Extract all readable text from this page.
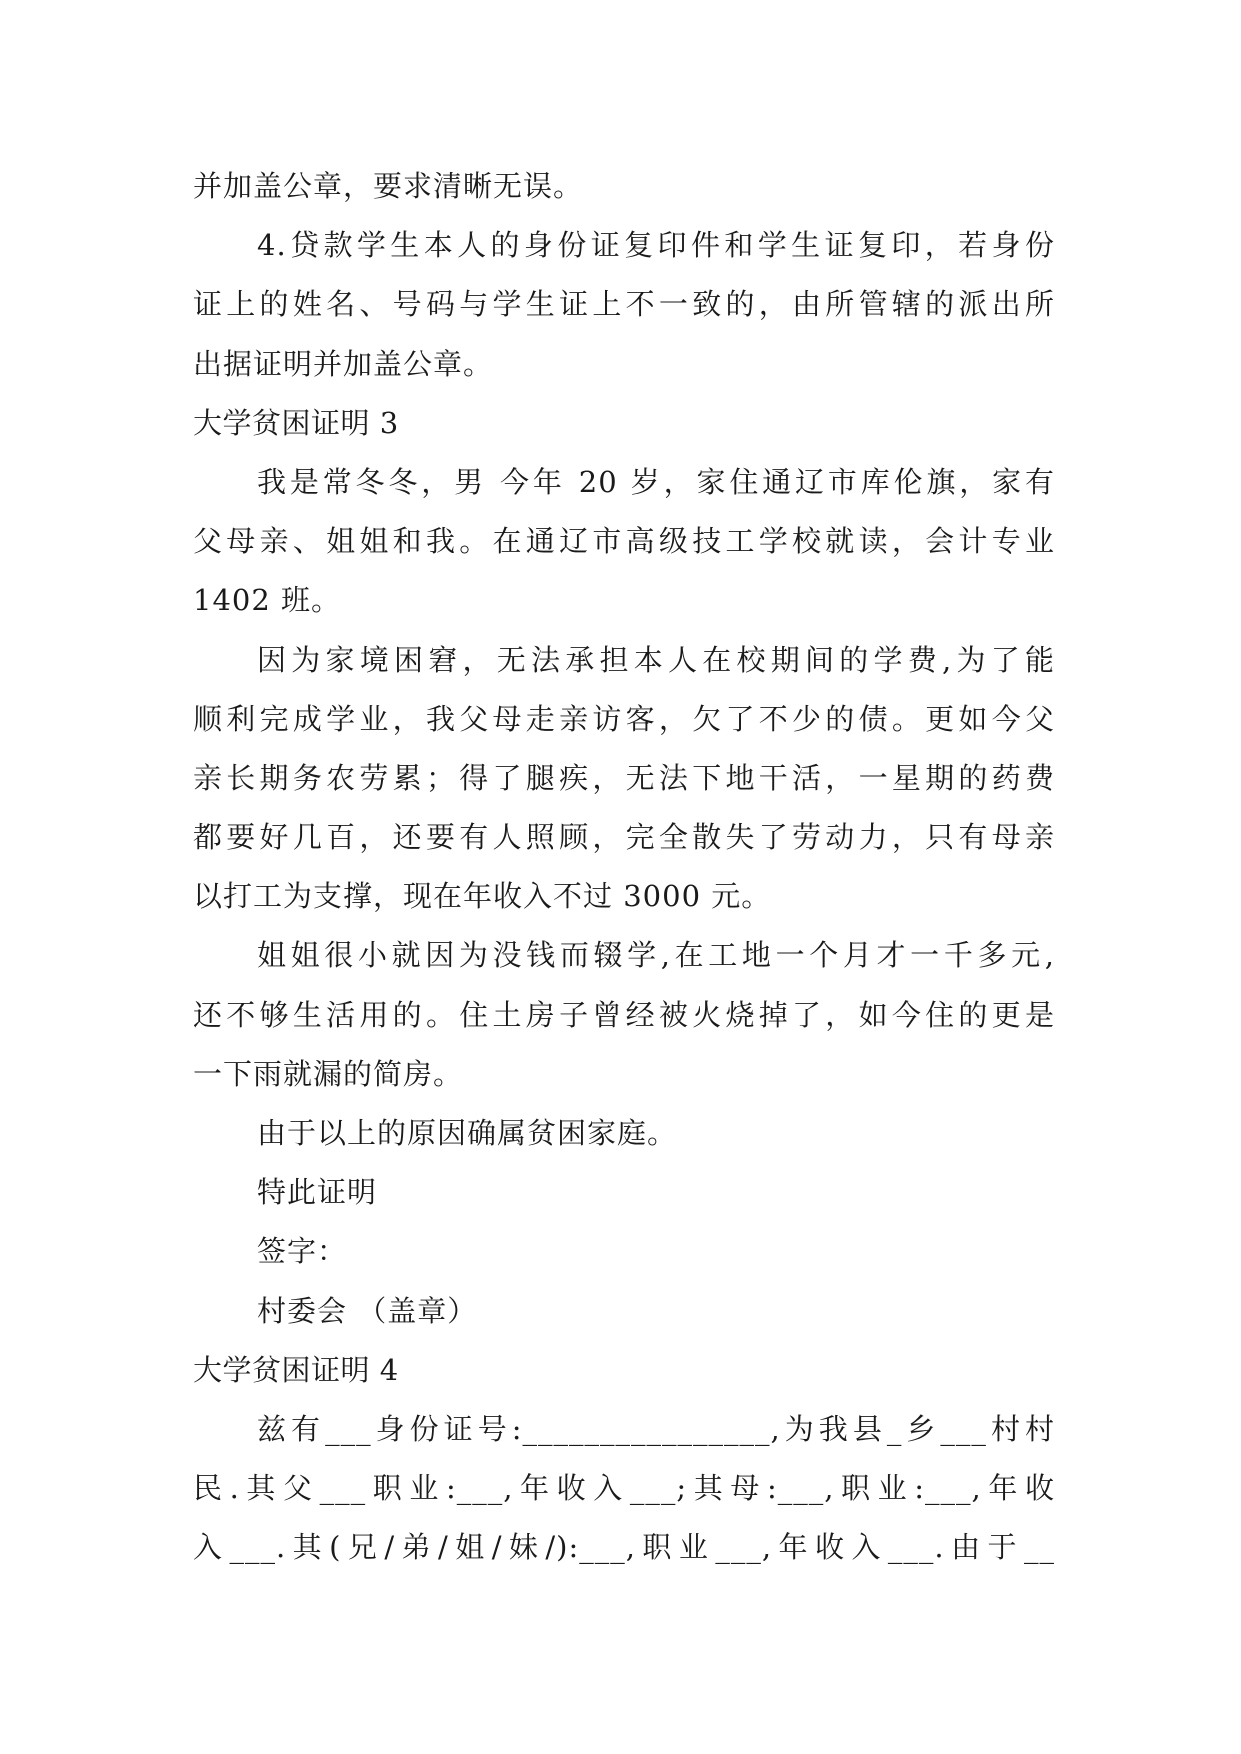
并加盖公章，要求清晰无误。
4.贷款学生本人的身份证复印件和学生证复印，若身份
证上的姓名、号码与学生证上不一致的，由所管辖的派出所
出据证明并加盖公章。
大学贫困证明 3
我是常冬冬，男 今年 20 岁，家住通辽市库伦旗，家有
父母亲、姐姐和我。在通辽市高级技工学校就读，会计专业
1402 班。
因为家境困窘，无法承担本人在校期间的学费,为了能
顺利完成学业，我父母走亲访客，欠了不少的债。更如今父
亲长期务农劳累；得了腿疾，无法下地干活，一星期的药费
都要好几百，还要有人照顾，完全散失了劳动力，只有母亲
以打工为支撑，现在年收入不过 3000 元。
姐姐很小就因为没钱而辍学,在工地一个月才一千多元,
还不够生活用的。住土房子曾经被火烧掉了，如今住的更是
一下雨就漏的简房。
由于以上的原因确属贫困家庭。
特此证明
签字：
村委会 （盖章）
大学贫困证明 4
兹有___身份证号:________________,为我县_乡___村村
民.其父___职业:___,年收入___;其母:___,职业:___,年收
入___.其(兄/弟/姐/妹/):___,职业___,年收入___.由于__
